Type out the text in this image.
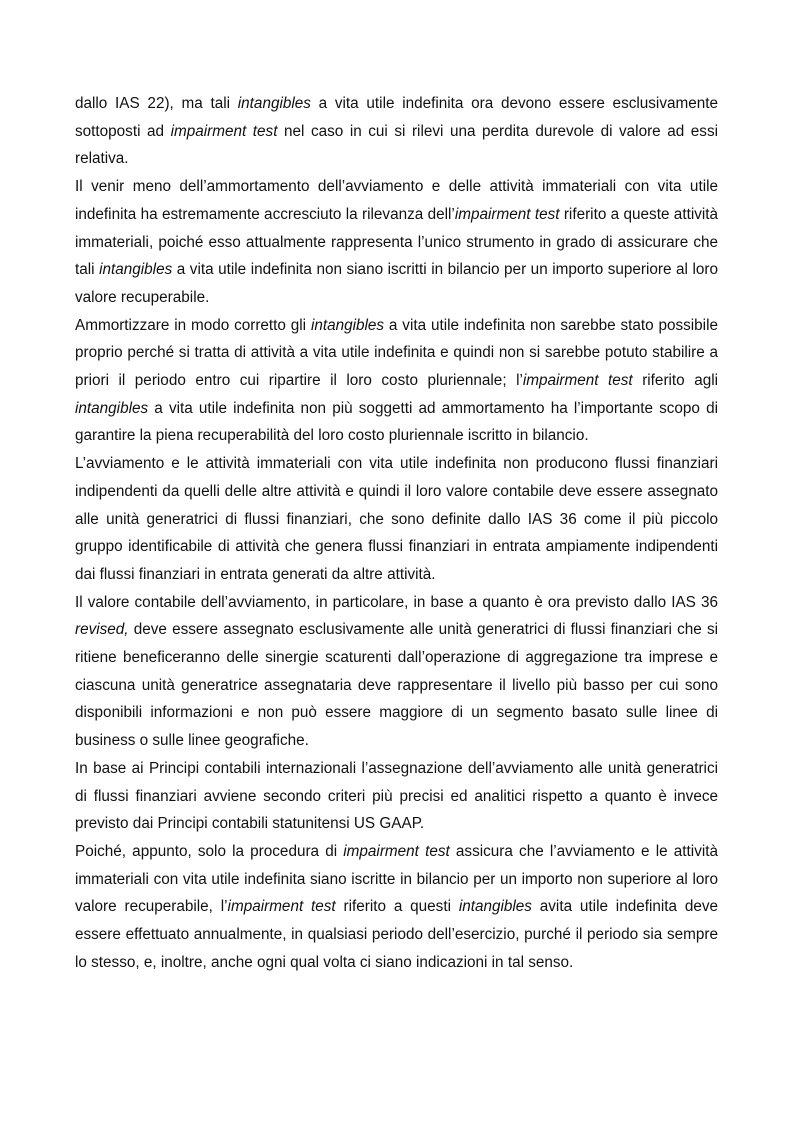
dallo IAS 22), ma tali intangibles a vita utile indefinita ora devono essere esclusivamente sottoposti ad impairment test nel caso in cui si rilevi una perdita durevole di valore ad essi relativa.

Il venir meno dell’ammortamento dell’avviamento e delle attività immateriali con vita utile indefinita ha estremamente accresciuto la rilevanza dell’impairment test riferito a queste attività immateriali, poiché esso attualmente rappresenta l’unico strumento in grado di assicurare che tali intangibles a vita utile indefinita non siano iscritti in bilancio per un importo superiore al loro valore recuperabile.

Ammortizzare in modo corretto gli intangibles a vita utile indefinita non sarebbe stato possibile proprio perché si tratta di attività a vita utile indefinita e quindi non si sarebbe potuto stabilire a priori il periodo entro cui ripartire il loro costo pluriennale; l’impairment test riferito agli intangibles a vita utile indefinita non più soggetti ad ammortamento ha l’importante scopo di garantire la piena recuperabilità del loro costo pluriennale iscritto in bilancio.

L’avviamento e le attività immateriali con vita utile indefinita non producono flussi finanziari indipendenti da quelli delle altre attività e quindi il loro valore contabile deve essere assegnato alle unità generatrici di flussi finanziari, che sono definite dallo IAS 36 come il più piccolo gruppo identificabile di attività che genera flussi finanziari in entrata ampiamente indipendenti dai flussi finanziari in entrata generati da altre attività.

Il valore contabile dell’avviamento, in particolare, in base a quanto è ora previsto dallo IAS 36 revised, deve essere assegnato esclusivamente alle unità generatrici di flussi finanziari che si ritiene beneficeranno delle sinergie scaturenti dall’operazione di aggregazione tra imprese e ciascuna unità generatrice assegnataria deve rappresentare il livello più basso per cui sono disponibili informazioni e non può essere maggiore di un segmento basato sulle linee di business o sulle linee geografiche.

In base ai Principi contabili internazionali l’assegnazione dell’avviamento alle unità generatrici di flussi finanziari avviene secondo criteri più precisi ed analitici rispetto a quanto è invece previsto dai Principi contabili statunitensi US GAAP.

Poiché, appunto, solo la procedura di impairment test assicura che l’avviamento e le attività immateriali con vita utile indefinita siano iscritte in bilancio per un importo non superiore al loro valore recuperabile, l’impairment test riferito a questi intangibles avita utile indefinita deve essere effettuato annualmente, in qualsiasi periodo dell’esercizio, purché il periodo sia sempre lo stesso, e, inoltre, anche ogni qual volta ci siano indicazioni in tal senso.
